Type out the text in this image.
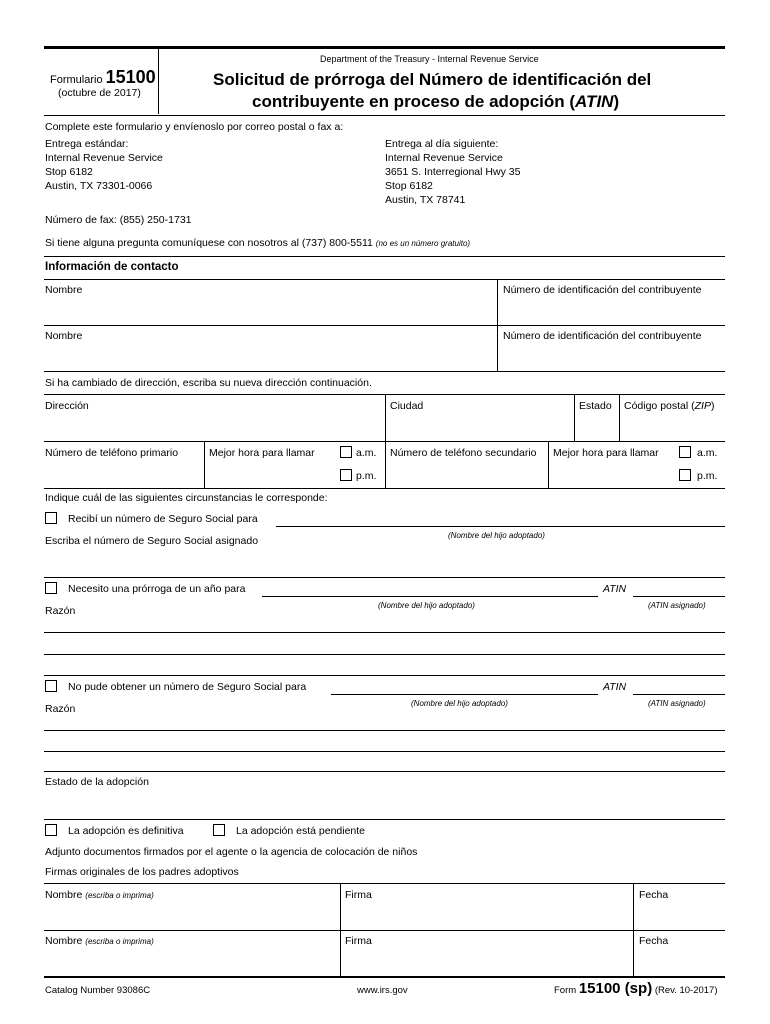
Formulario 15100
(octubre de 2017)
Department of the Treasury - Internal Revenue Service
Solicitud de prórroga del Número de identificación del
contribuyente en proceso de adopción (ATIN)
Complete este formulario y envíenoslo por correo postal o fax a:
Entrega estándar:
Internal Revenue Service
Stop 6182
Austin, TX 73301-0066
Entrega al día siguiente:
Internal Revenue Service
3651 S. Interregional Hwy 35
Stop 6182
Austin, TX 78741
Número de fax: (855) 250-1731
Si tiene alguna pregunta comuníquese con nosotros al (737) 800-5511 (no es un número gratuito)
Información de contacto
Nombre	Número de identificación del contribuyente
Nombre	Número de identificación del contribuyente
Si ha cambiado de dirección, escriba su nueva dirección continuación.
Dirección	Ciudad	Estado Código postal (ZIP)
Número de teléfono primario	Mejor hora para llamar	a.m.
p.m.
Número de teléfono secundario Mejor hora para llamar	a.m.
p.m.
Indique cuál de las siguientes circunstancias le corresponde:
Recibí un número de Seguro Social para
(Nombre del hijo adoptado)
Escriba el número de Seguro Social asignado
Necesito una prórroga de un año para	ATIN
(Nombre del hijo adoptado)	(ATIN asignado)
Razón
No pude obtener un número de Seguro Social para	ATIN
(Nombre del hijo adoptado)	(ATIN asignado)
Razón
Estado de la adopción
La adopción es definitiva	La adopción está pendiente
Adjunto documentos firmados por el agente o la agencia de colocación de niños
Firmas originales de los padres adoptivos
Nombre (escriba o imprima)	Firma	Fecha
Nombre (escriba o imprima)	Firma	Fecha
Catalog Number 93086C	www.irs.gov	Form 15100 (sp) (Rev. 10-2017)
